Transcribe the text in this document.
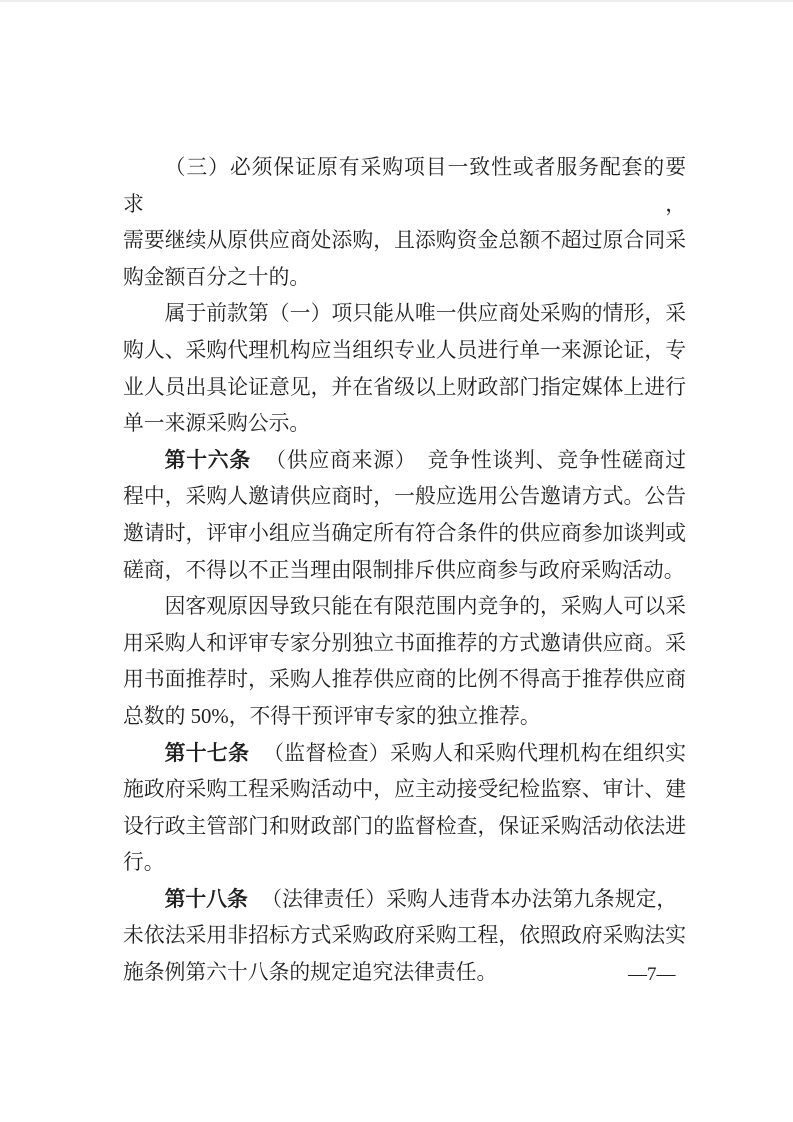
（三）必须保证原有采购项目一致性或者服务配套的要求，
需要继续从原供应商处添购，且添购资金总额不超过原合同采
购金额百分之十的。
属于前款第（一）项只能从唯一供应商处采购的情形，采
购人、采购代理机构应当组织专业人员进行单一来源论证，专
业人员出具论证意见，并在省级以上财政部门指定媒体上进行
单一来源采购公示。
第十六条　（供应商来源）　竞争性谈判、竞争性磋商过
程中，采购人邀请供应商时，一般应选用公告邀请方式。公告
邀请时，评审小组应当确定所有符合条件的供应商参加谈判或
磋商，不得以不正当理由限制排斥供应商参与政府采购活动。
因客观原因导致只能在有限范围内竞争的，采购人可以采
用采购人和评审专家分别独立书面推荐的方式邀请供应商。采
用书面推荐时，采购人推荐供应商的比例不得高于推荐供应商
总数的 50%，不得干预评审专家的独立推荐。
第十七条　（监督检查）采购人和采购代理机构在组织实
施政府采购工程采购活动中，应主动接受纪检监察、审计、建
设行政主管部门和财政部门的监督检查，保证采购活动依法进
行。
第十八条　（法律责任）采购人违背本办法第九条规定，
未依法采用非招标方式采购政府采购工程，依照政府采购法实
施条例第六十八条的规定追究法律责任。	—7—
